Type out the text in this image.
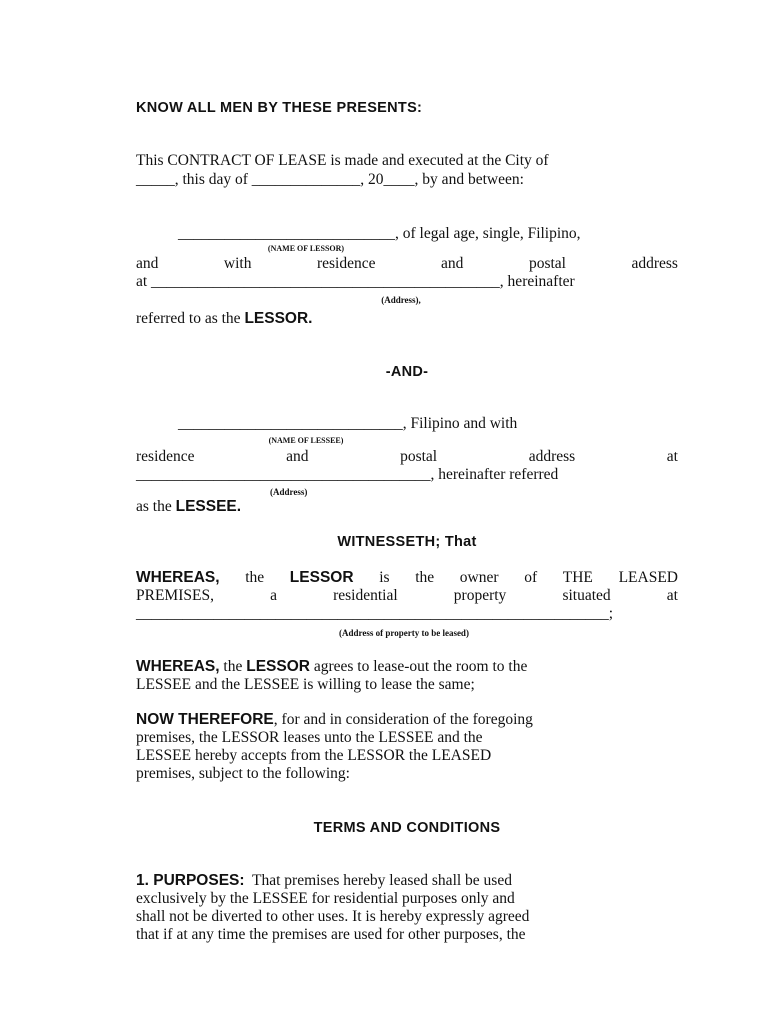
KNOW ALL MEN BY THESE PRESENTS:
This CONTRACT OF LEASE is made and executed at the City of
_____, this day of ______________, 20____, by and between:
____________________________, of legal age, single, Filipino,
(NAME OF LESSOR)
and	with	residence	and	postal	address
at _____________________________________________, hereinafter
(Address),
referred to as the LESSOR.
-AND-
_____________________________, Filipino and with
(NAME OF LESSEE)
residence	and	postal	address	at
______________________________________, hereinafter referred
(Address)
as the LESSEE.
WITNESSETH; That
WHEREAS, the LESSOR is the owner of THE LEASED
PREMISES,	a	residential	property	situated	at
_____________________________________________________________;
(Address of property to be leased)
WHEREAS, the LESSOR agrees to lease-out the room to the
LESSEE and the LESSEE is willing to lease the same;
NOW THEREFORE, for and in consideration of the foregoing
premises, the LESSOR leases unto the LESSEE and the
LESSEE hereby accepts from the LESSOR the LEASED
premises, subject to the following:
TERMS AND CONDITIONS
1. PURPOSES:  That premises hereby leased shall be used
exclusively by the LESSEE for residential purposes only and
shall not be diverted to other uses. It is hereby expressly agreed
that if at any time the premises are used for other purposes, the
